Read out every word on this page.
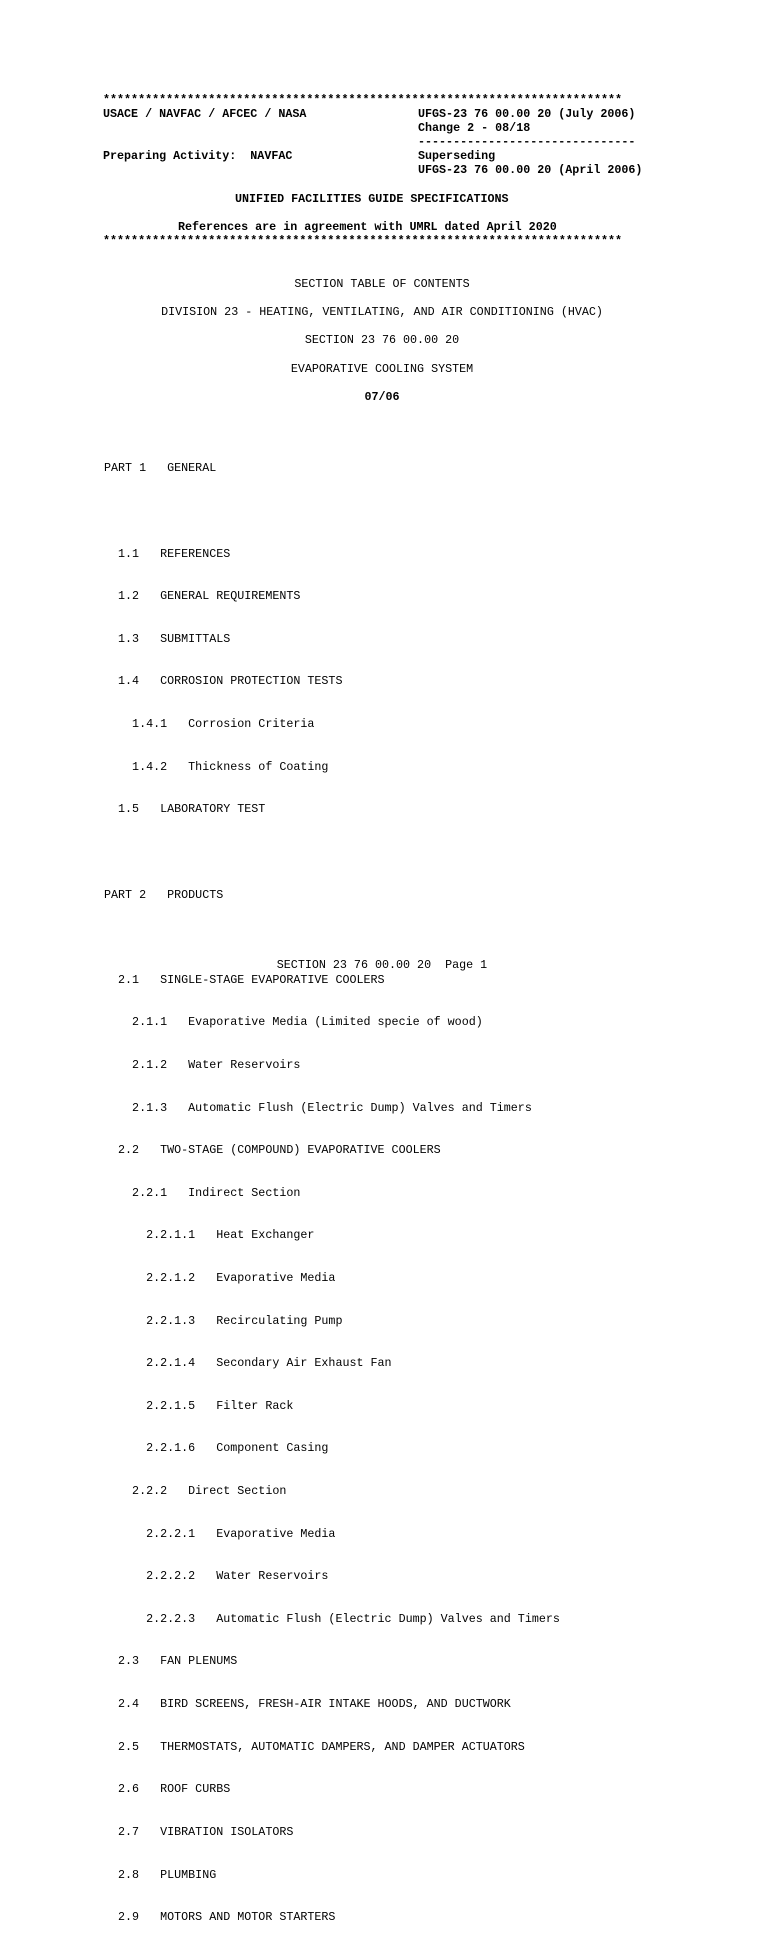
**************************************************************************
USACE / NAVFAC / AFCEC / NASA	UFGS-23 76 00.00 20 (July 2006)
Change 2 - 08/18
-------------------------------
Preparing Activity:  NAVFAC	Superseding
UFGS-23 76 00.00 20 (April 2006)
UNIFIED FACILITIES GUIDE SPECIFICATIONS
References are in agreement with UMRL dated April 2020
**************************************************************************
SECTION TABLE OF CONTENTS
DIVISION 23 - HEATING, VENTILATING, AND AIR CONDITIONING (HVAC)
SECTION 23 76 00.00 20
EVAPORATIVE COOLING SYSTEM
07/06

PART 1   GENERAL

1.1   REFERENCES

1.2   GENERAL REQUIREMENTS

1.3   SUBMITTALS

1.4   CORROSION PROTECTION TESTS

1.4.1   Corrosion Criteria

1.4.2   Thickness of Coating

1.5   LABORATORY TEST

PART 2   PRODUCTS

2.1   SINGLE-STAGE EVAPORATIVE COOLERS

2.1.1   Evaporative Media (Limited specie of wood)

2.1.2   Water Reservoirs

2.1.3   Automatic Flush (Electric Dump) Valves and Timers

2.2   TWO-STAGE (COMPOUND) EVAPORATIVE COOLERS

2.2.1   Indirect Section

2.2.1.1   Heat Exchanger

2.2.1.2   Evaporative Media

2.2.1.3   Recirculating Pump

2.2.1.4   Secondary Air Exhaust Fan

2.2.1.5   Filter Rack

2.2.1.6   Component Casing

2.2.2   Direct Section

2.2.2.1   Evaporative Media

2.2.2.2   Water Reservoirs

2.2.2.3   Automatic Flush (Electric Dump) Valves and Timers

2.3   FAN PLENUMS

2.4   BIRD SCREENS, FRESH-AIR INTAKE HOODS, AND DUCTWORK

2.5   THERMOSTATS, AUTOMATIC DAMPERS, AND DAMPER ACTUATORS

2.6   ROOF CURBS

2.7   VIBRATION ISOLATORS

2.8   PLUMBING

2.9   MOTORS AND MOTOR STARTERS

SECTION 23 76 00.00 20  Page 1
